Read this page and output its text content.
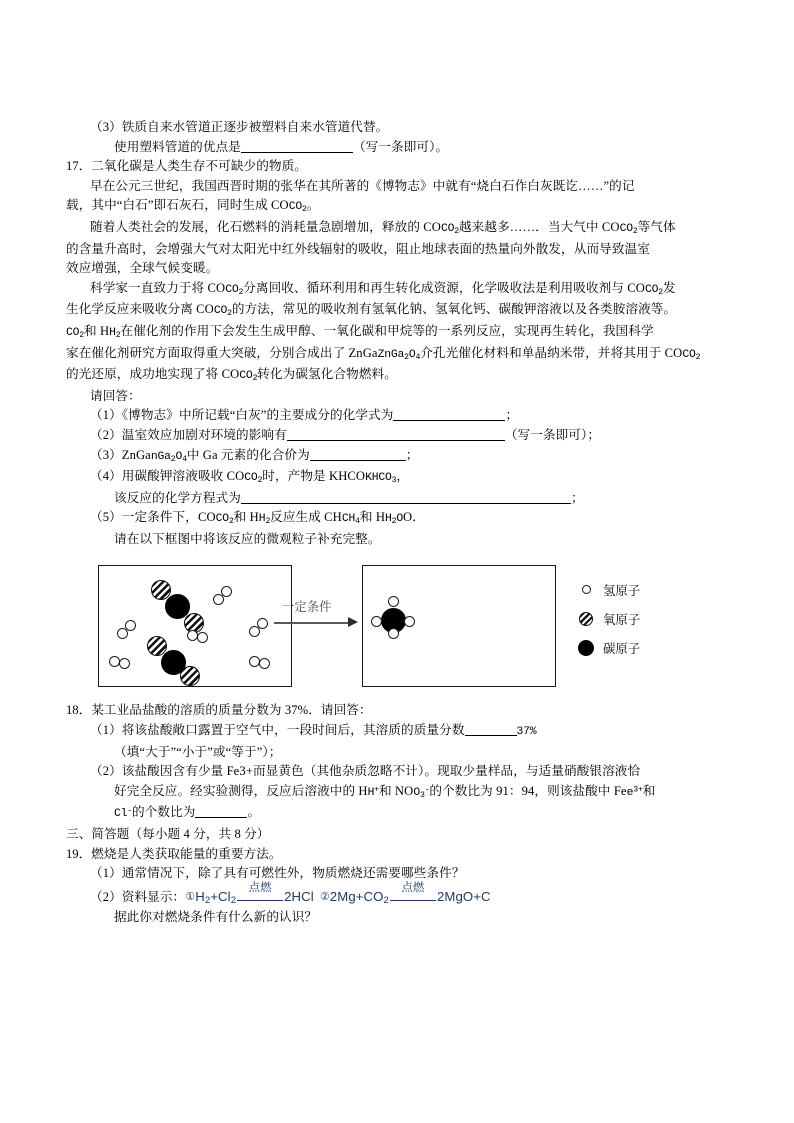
（3）铁质自来水管道正逐步被塑料自来水管道代替。
使用塑料管道的优点是	（写一条即可）。
17．二氧化碳是人类生存不可缺少的物质。
早在公元三世纪，我国西晋时期的张华在其所著的《博物志》中就有“烧白石作白灰既讫……”的记
载，其中“白石”即石灰石，同时生成 $COCO_2$。
随着人类社会的发展，化石燃料的消耗量急剧增加，释放的 $COCO_2$越来越多……．当大气中 $COCO_2$等气体
的含量升高时，会增强大气对太阳光中红外线辐射的吸收，阻止地球表面的热量向外散发，从而导致温室
效应增强，全球气候变暖。
科学家一直致力于将 $COCO_2$分离回收、循环利用和再生转化成资源，化学吸收法是利用吸收剂与 $COCO_2$发
生化学反应来吸收分离 $COCO_2$的方法，常见的吸收剂有氢氧化钠、氢氧化钙、碳酸钾溶液以及各类胺溶液等。
$CO_2$和 $HH_2$在催化剂的作用下会发生生成甲醇、一氧化碳和甲烷等的一系列反应，实现再生转化，我国科学
家在催化剂研究方面取得重大突破，分别合成出了 $ZnGaZnGa_2O_4$介孔光催化材料和单晶纳米带，并将其用于 $COCO_2$
的光还原，成功地实现了将 $COCO_2$转化为碳氢化合物燃料。
请回答：
（1）《博物志》中所记载“白灰”的主要成分的化学式为	；
（2）温室效应加剧对环境的影响有	（写一条即可）；
$(3)ZnGanGa_2O_4$中 Ga 元素的化合价为	；
（4）用碳酸钾溶液吸收 $COCO_2$时，产物是 $KHCOKHCO_3$，
该反应的化学方程式为	；
（5）一定条件下，$COCO_2$和 $HH_2$反应生成 $CHCH_4$和 $HH_2OO$．
请在以下框图中将该反应的微观粒子补充完整。
一定条件
氢原子
氧原子
碳原子
18．某工业品盐酸的溶质的质量分数为 37%．请回答：
（1）将该盐酸敞口露置于空气中，一段时间后，其溶质的质量分数	37%
（填“大于”“小于”或“等于”）；
（2）该盐酸因含有少量 Fe3+而显黄色（其他杂质忽略不计）。现取少量样品，与适量硝酸银溶液恰
好完全反应。经实验测得，反应后溶液中的 HH+和 $NOO_3^-$的个数比为 91：94，则该盐酸中 Fee$^{3+}$和
Cl-的个数比为	。
三、简答题（每小题 4 分，共 8 分）
19．燃烧是人类获取能量的重要方法。
（1）通常情况下，除了具有可燃性外，物质燃烧还需要哪些条件？
（2）资料显示： $①H_2+Cl_2$
点燃
2HCl $②2Mg+CO_2$
点燃
2MgO+C
据此你对燃烧条件有什么新的认识？
